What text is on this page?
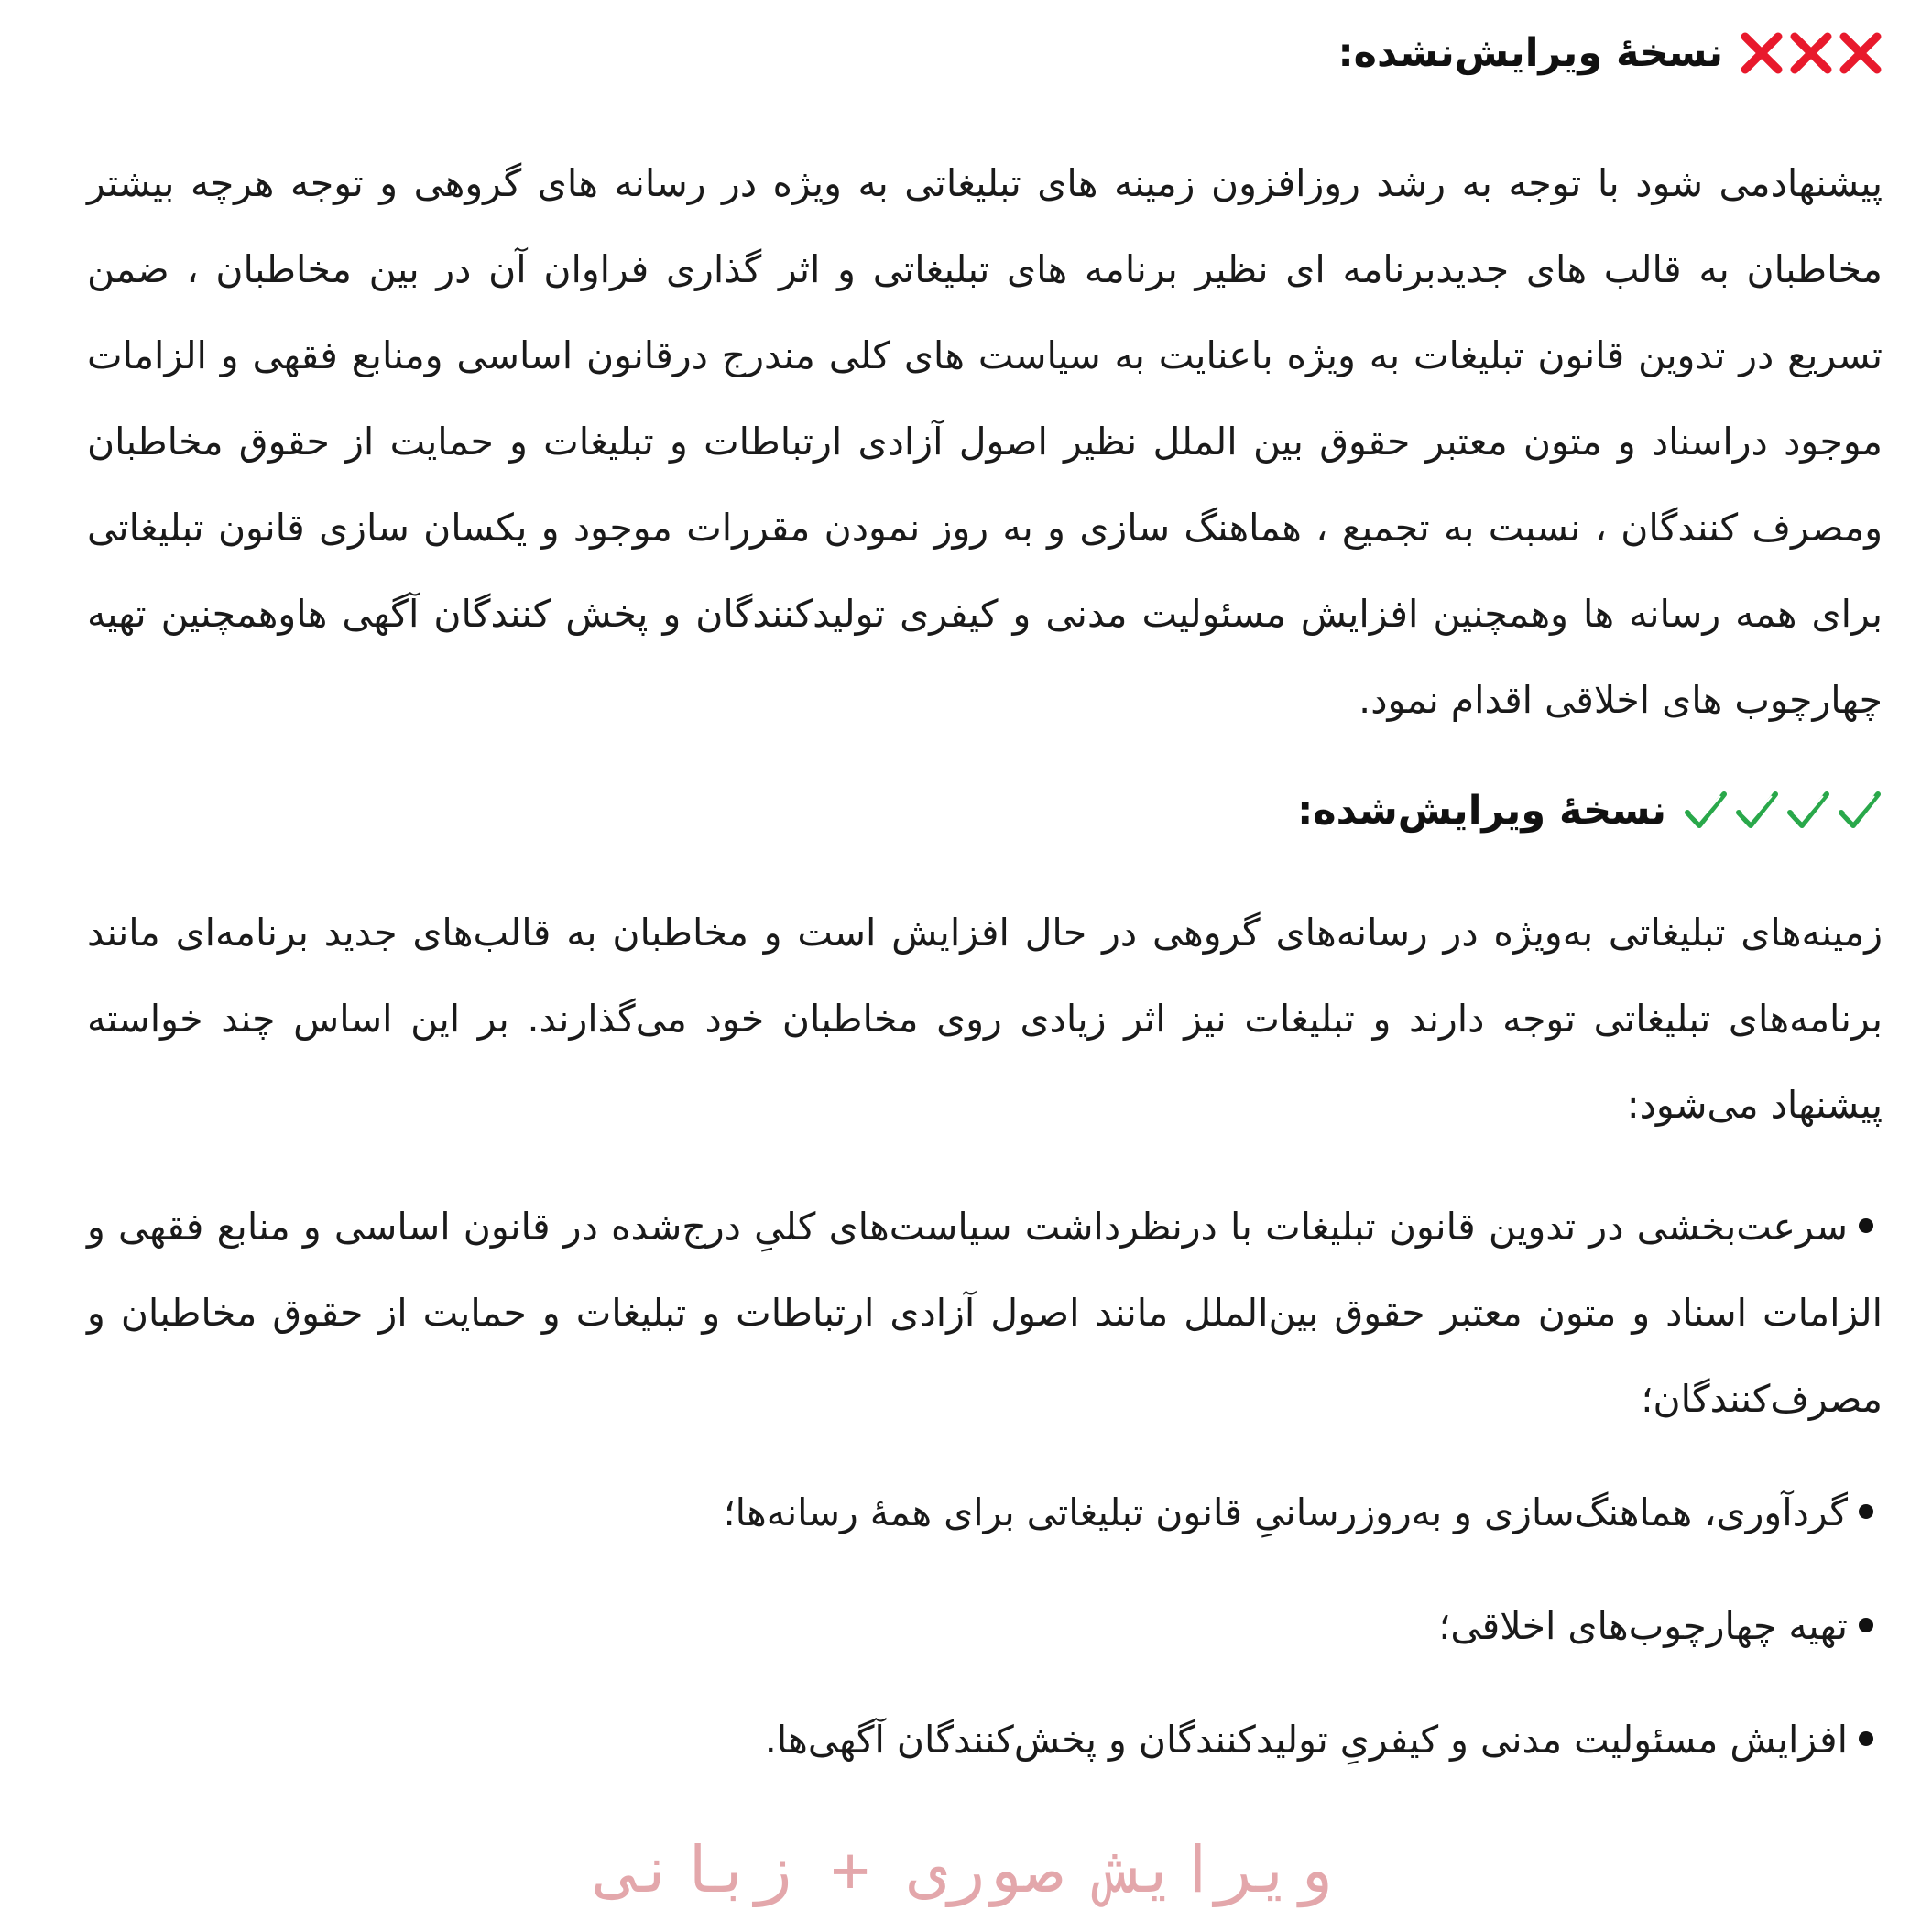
نسخهٔ ویرایش‌نشده:

پیشنهادمی شود با توجه به رشد روزافزون زمینه های تبلیغاتی به ویژه در رسانه های گروهی و توجه هرچه بیشتر مخاطبان به قالب های جدیدبرنامه ای نظیر برنامه های تبلیغاتی و اثر گذاری فراوان آن در بین مخاطبان ، ضمن تسریع در تدوین قانون تبلیغات به ویژه باعنایت به سیاست های کلی مندرج درقانون اساسی ومنابع فقهی و الزامات موجود دراسناد و متون معتبر حقوق بین الملل نظیر اصول آزادی ارتباطات و تبلیغات و حمایت از حقوق مخاطبان ومصرف کنندگان ، نسبت به تجمیع ، هماهنگ سازی و به روز نمودن مقررات موجود و یکسان سازی قانون تبلیغاتی برای همه رسانه ها وهمچنین افزایش مسئولیت مدنی و کیفری تولیدکنندگان و پخش کنندگان آگهی هاوهمچنین تهیه چهارچوب های اخلاقی اقدام نمود.

نسخهٔ ویرایش‌شده:

زمینه‌های تبلیغاتی به‌ویژه در رسانه‌های گروهی در حال افزایش است و مخاطبان به قالب‌های جدید برنامه‌ای مانند برنامه‌های تبلیغاتی توجه دارند و تبلیغات نیز اثر زیادی روی مخاطبان خود می‌گذارند. بر این اساس چند خواسته پیشنهاد می‌شود:

سرعت‌بخشی در تدوین قانون تبلیغات با درنظرداشت سیاست‌های کلیِ درج‌شده در قانون اساسی و منابع فقهی و الزامات اسناد و متون معتبر حقوق بین‌الملل مانند اصول آزادی ارتباطات و تبلیغات و حمایت از حقوق مخاطبان و مصرف‌کنندگان؛
گردآوری، هماهنگ‌سازی و به‌روزرسانیِ قانون تبلیغاتی برای همهٔ رسانه‌ها؛
تهیه چهارچوب‌های اخلاقی؛
افزایش مسئولیت مدنی و کیفریِ تولیدکنندگان و پخش‌کنندگان آگهی‌ها.
ویرایش صوری + زبانی
